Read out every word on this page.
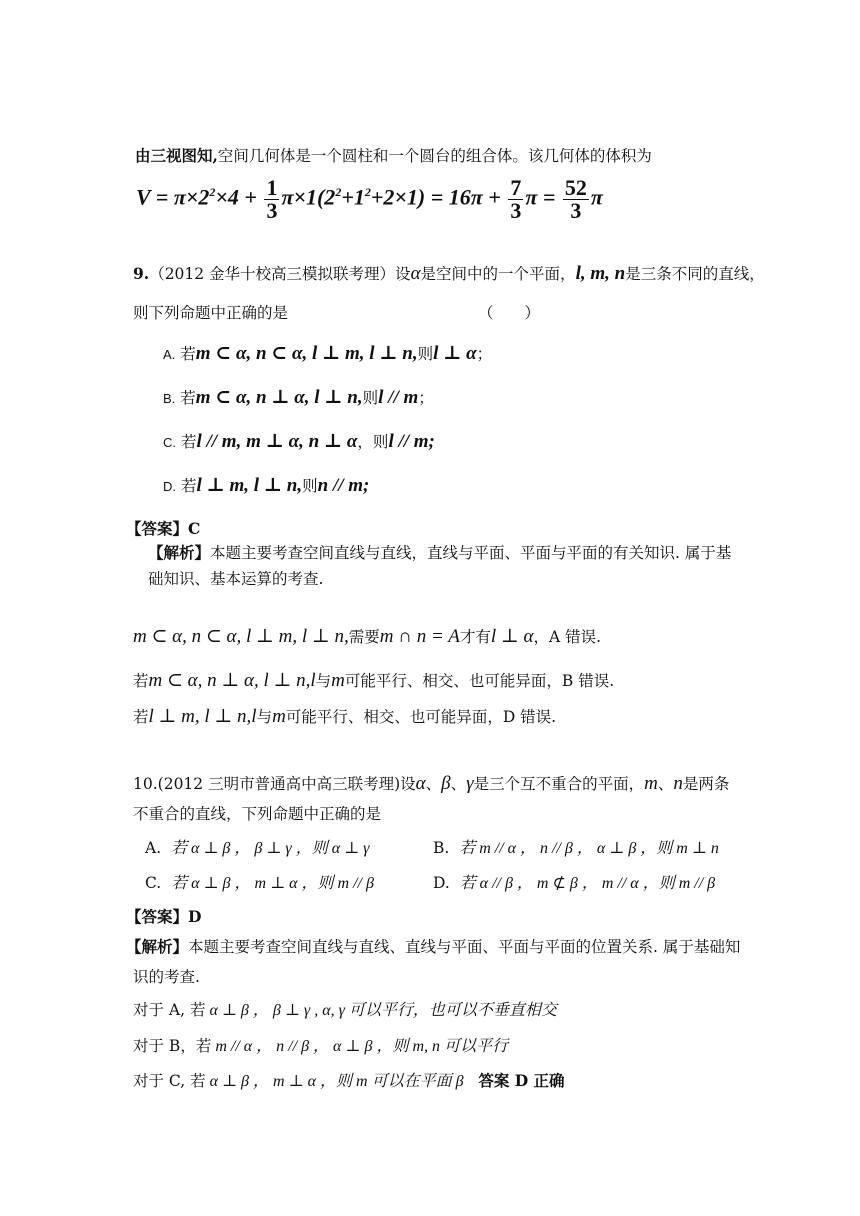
由三视图知,空间几何体是一个圆柱和一个圆台的组合体。该几何体的体积为
$V = \pi\times 2^2\times 4 + \frac{1}{3} \pi\times 1(2^2+1^2+2\times 1) = 16\pi + \frac{7}{3}$ $\pi = \frac{52}{3}$ π
9.（2012 金华十校高三模拟联考理）设α是空间中的一个平面，l, m, n是三条不同的直线，
则下列命题中正确的是	（　　）
A. 若m ⊂ α, n ⊂ α, l ⊥ m, l ⊥ n,则l ⊥ α；
B. 若m ⊂ α, n ⊥ α, l ⊥ n,则l // m；
C. 若l // m, m ⊥ α, n ⊥ α，则l // m;
D. 若l ⊥ m, l ⊥ n,则n // m;
【答案】C
【解析】本题主要考查空间直线与直线，直线与平面、平面与平面的有关知识. 属于基
础知识、基本运算的考查.
m ⊂ α, n ⊂ α, l ⊥ m, l ⊥ n,需要m ∩ n = A才有l ⊥ α，A 错误.
若m ⊂ α, n ⊥ α, l ⊥ n,l与m可能平行、相交、也可能异面，B 错误.
若l ⊥ m, l ⊥ n,l与m可能平行、相交、也可能异面，D 错误.
10.(2012 三明市普通高中高三联考理)设α、β、γ是三个互不重合的平面，m、n是两条
不重合的直线，下列命题中正确的是
A. 若 α ⊥ β ， β ⊥ γ ，则 α ⊥ γ	B. 若 m // α ， n // β ， α ⊥ β ，则 m ⊥ n
C. 若 α ⊥ β ， m ⊥ α ，则 m // β	D. 若 α // β ， m ⊄ β ， m // α ，则 m // β
【答案】D
【解析】本题主要考查空间直线与直线、直线与平面、平面与平面的位置关系. 属于基础知
识的考查.
对于 A, 若 α ⊥ β ， β ⊥ γ , α, γ 可以平行，也可以不垂直相交
对于 B，若 m // α ， n // β ， α ⊥ β ，则 m, n 可以平行
对于 C, 若 α ⊥ β ， m ⊥ α ，则 m 可以在平面 β 答案 D 正确
